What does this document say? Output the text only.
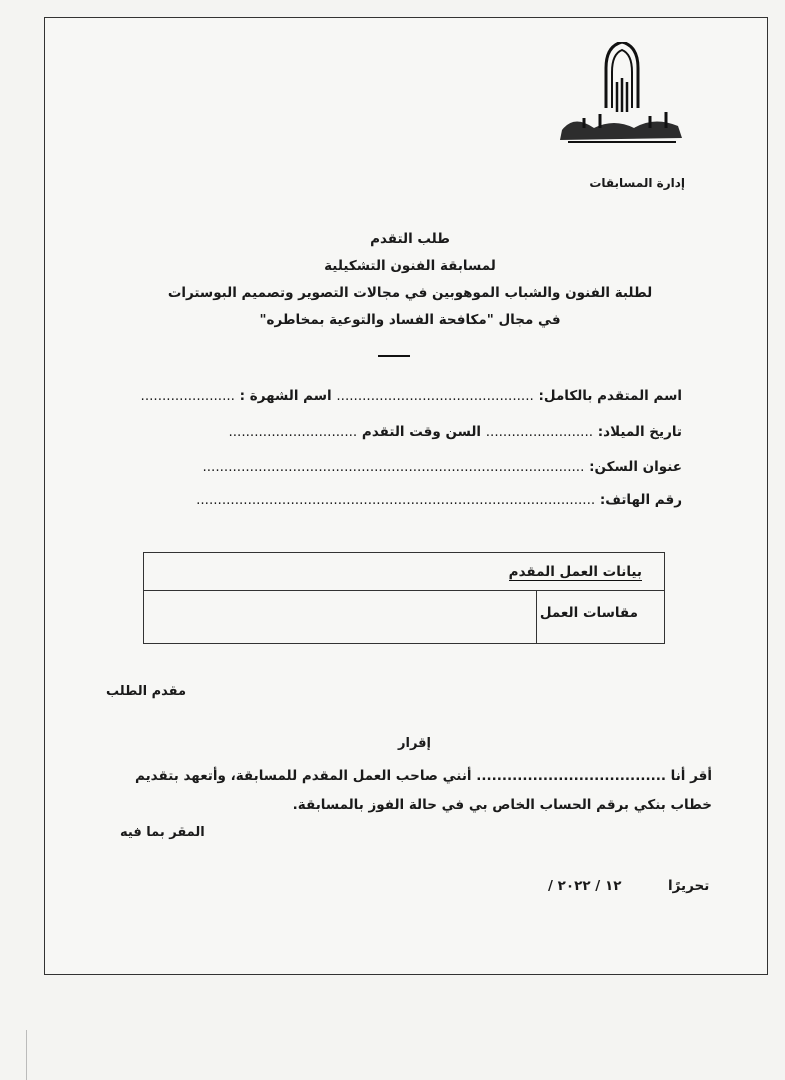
إدارة المسابقات
طلب التقدم
لمسابقة الفنون التشكيلية
لطلبة الفنون والشباب الموهوبين في مجالات التصوير وتصميم البوسترات
في مجال "مكافحة الفساد والتوعية بمخاطره"
اسم المتقدم بالكامل: .............................................. اسم الشهرة : ......................
تاريخ الميلاد: ......................... السن وقت التقدم ..............................
عنوان السكن: .........................................................................................
رقم الهاتف: .............................................................................................
بيانات العمل المقدم
مقاسات العمل
مقدم الطلب
إقرار
أقر أنا ..................................... أنني صاحب العمل المقدم للمسابقة، وأتعهد بتقديم
خطاب بنكي برقم الحساب الخاص بي في حالة الفوز بالمسابقة.
المقر بما فيه
/ ١٢ / ٢٠٢٢	تحريرًا
